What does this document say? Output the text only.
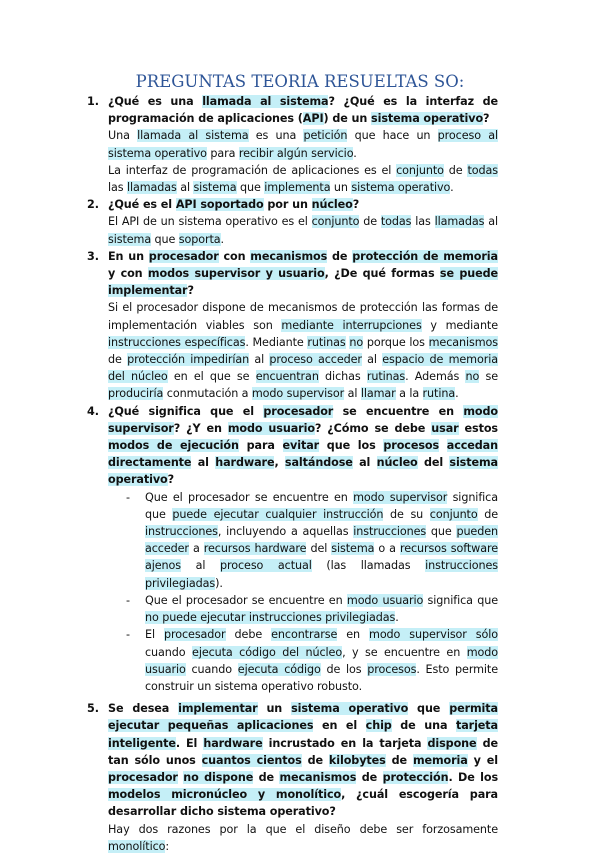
PREGUNTAS TEORIA RESUELTAS SO:
1. ¿Qué es una llamada al sistema? ¿Qué es la interfaz de programación de aplicaciones (API) de un sistema operativo?

Una llamada al sistema es una petición que hace un proceso al sistema operativo para recibir algún servicio.

La interfaz de programación de aplicaciones es el conjunto de todas las llamadas al sistema que implementa un sistema operativo.

2. ¿Qué es el API soportado por un núcleo?

El API de un sistema operativo es el conjunto de todas las llamadas al sistema que soporta.

3. En un procesador con mecanismos de protección de memoria y con modos supervisor y usuario, ¿De qué formas se puede implementar?

Si el procesador dispone de mecanismos de protección las formas de implementación viables son mediante interrupciones y mediante instrucciones específicas. Mediante rutinas no porque los mecanismos de protección impedirían al proceso acceder al espacio de memoria del núcleo en el que se encuentran dichas rutinas. Además no se produciría conmutación a modo supervisor al llamar a la rutina.

4. ¿Qué significa que el procesador se encuentre en modo supervisor? ¿Y en modo usuario? ¿Cómo se debe usar estos modos de ejecución para evitar que los procesos accedan directamente al hardware, saltándose al núcleo del sistema operativo?

- Que el procesador se encuentre en modo supervisor significa que puede ejecutar cualquier instrucción de su conjunto de instrucciones, incluyendo a aquellas instrucciones que pueden acceder a recursos hardware del sistema o a recursos software ajenos al proceso actual (las llamadas instrucciones privilegiadas).
- Que el procesador se encuentre en modo usuario significa que no puede ejecutar instrucciones privilegiadas.
- El procesador debe encontrarse en modo supervisor sólo cuando ejecuta código del núcleo, y se encuentre en modo usuario cuando ejecuta código de los procesos. Esto permite construir un sistema operativo robusto.
5. Se desea implementar un sistema operativo que permita ejecutar pequeñas aplicaciones en el chip de una tarjeta inteligente. El hardware incrustado en la tarjeta dispone de tan sólo unos cuantos cientos de kilobytes de memoria y el procesador no dispone de mecanismos de protección. De los modelos micronúcleo y monolítico, ¿cuál escogería para desarrollar dicho sistema operativo?

Hay dos razones por la que el diseño debe ser forzosamente monolítico:
